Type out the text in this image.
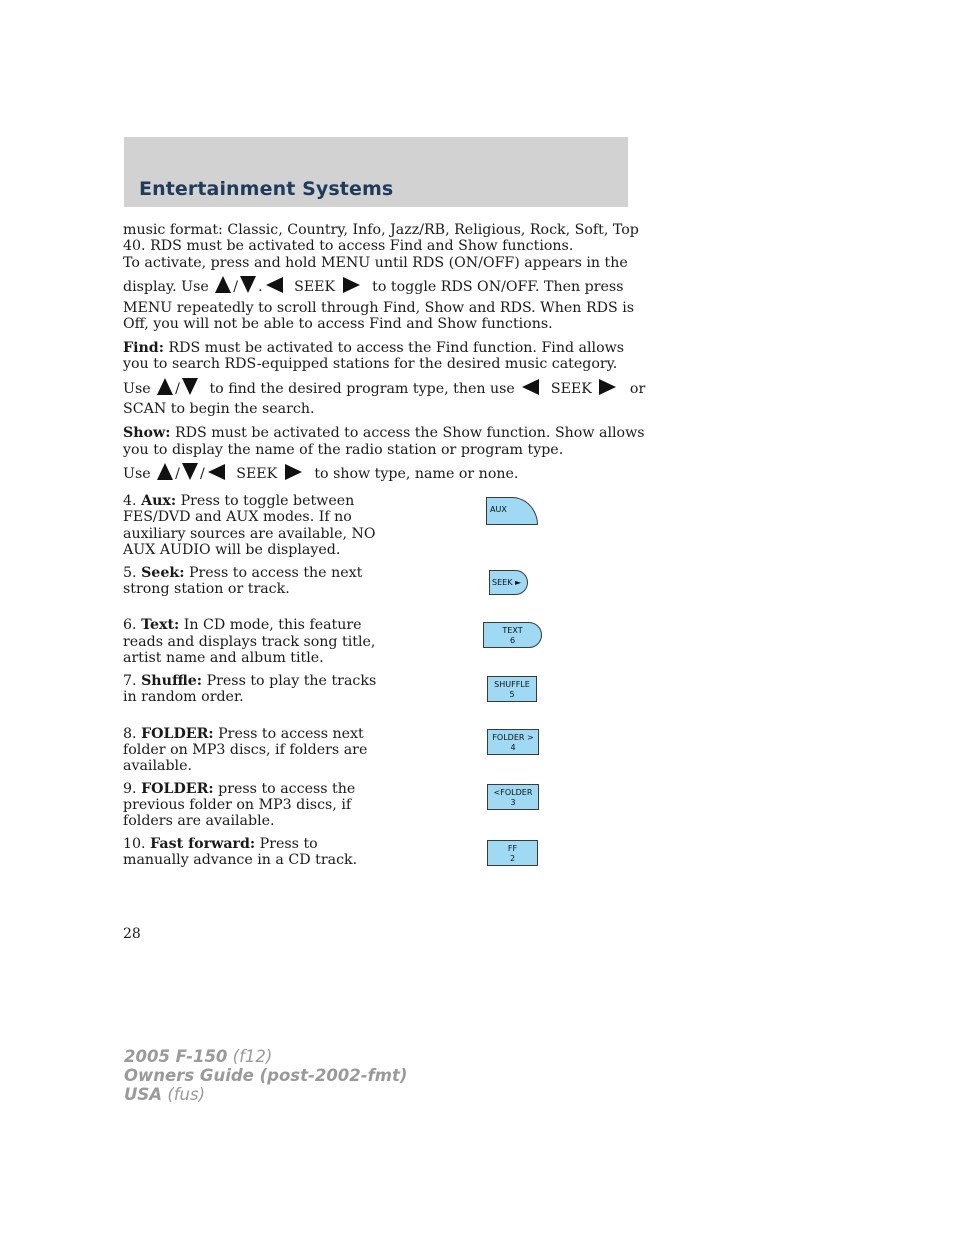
Entertainment Systems

music format: Classic, Country, Info, Jazz/RB, Religious, Rock, Soft, Top

40. RDS must be activated to access Find and Show functions.

To activate, press and hold MENU until RDS (ON/OFF) appears in the

display. Use / . SEEK	to toggle RDS ON/OFF. Then press

MENU repeatedly to scroll through Find, Show and RDS. When RDS is

Off, you will not be able to access Find and Show functions.

Find: RDS must be activated to access the Find function. Find allows

you to search RDS-equipped stations for the desired music category.

Use / to find the desired program type, then use	SEEK	or

SCAN to begin the search.

Show: RDS must be activated to access the Show function. Show allows

you to display the name of the radio station or program type.

Use / / SEEK	to show type, name or none.

4. Aux: Press to toggle between

FES/DVD and AUX modes. If no

auxiliary sources are available, NO

AUX AUDIO will be displayed.

5. Seek: Press to access the next

strong station or track.

6. Text: In CD mode, this feature

reads and displays track song title,

artist name and album title.

7. Shuffle: Press to play the tracks

in random order.

8. FOLDER: Press to access next

folder on MP3 discs, if folders are

available.

9. FOLDER: press to access the

previous folder on MP3 discs, if

folders are available.

10. Fast forward: Press to

manually advance in a CD track.

AUX
SEEK ►
TEXT
6
SHUFFLE
5
FOLDER >
4
<FOLDER
3
FF
2

28

2005 F-150 (f12)
Owners Guide (post-2002-fmt)
USA (fus)
